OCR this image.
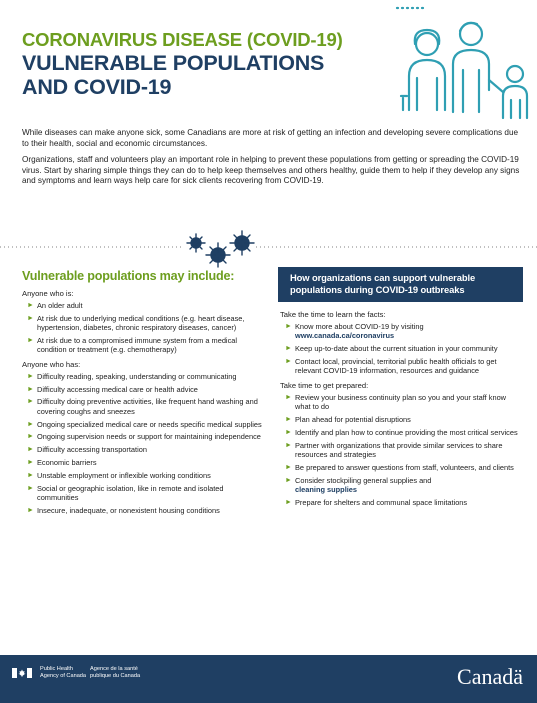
CORONAVIRUS DISEASE (COVID-19)
VULNERABLE POPULATIONS
AND COVID-19

While diseases can make anyone sick, some Canadians are more at risk of getting an infection and developing severe complications due to their health, social and economic circumstances.

Organizations, staff and volunteers play an important role in helping to prevent these populations from getting or spreading the COVID-19 virus. Start by sharing simple things they can do to help keep themselves and others healthy, guide them to help if they develop any signs and symptoms and learn ways help care for sick clients recovering from COVID-19.

Vulnerable populations may include:
Anyone who is:
► An older adult
► At risk due to underlying medical conditions (e.g. heart disease, hypertension, diabetes, chronic respiratory diseases, cancer)
► At risk due to a compromised immune system from a medical condition or treatment (e.g. chemotherapy)
Anyone who has:
► Difficulty reading, speaking, understanding or communicating
► Difficulty accessing medical care or health advice
► Difficulty doing preventive activities, like frequent hand washing and covering coughs and sneezes
► Ongoing specialized medical care or needs specific medical supplies
► Ongoing supervision needs or support for maintaining independence
► Difficulty accessing transportation
► Economic barriers
► Unstable employment or inflexible working conditions
► Social or geographic isolation, like in remote and isolated communities
► Insecure, inadequate, or nonexistent housing conditions
How organizations can support vulnerable populations during COVID-19 outbreaks
Take the time to learn the facts:
► Know more about COVID-19 by visiting
www.canada.ca/coronavirus
► Keep up-to-date about the current situation in your community
► Contact local, provincial, territorial public health officials to get relevant COVID-19 information, resources and guidance
Take time to get prepared:
► Review your business continuity plan so you and your staff know what to do
► Plan ahead for potential disruptions
► Identify and plan how to continue providing the most critical services
► Partner with organizations that provide similar services to share resources and strategies
► Be prepared to answer questions from staff, volunteers, and clients
► Consider stockpiling general supplies and
cleaning supplies
► Prepare for shelters and communal space limitations
Public Health
Agency of Canada
Agence de la santé
publique du Canada	Canadä
